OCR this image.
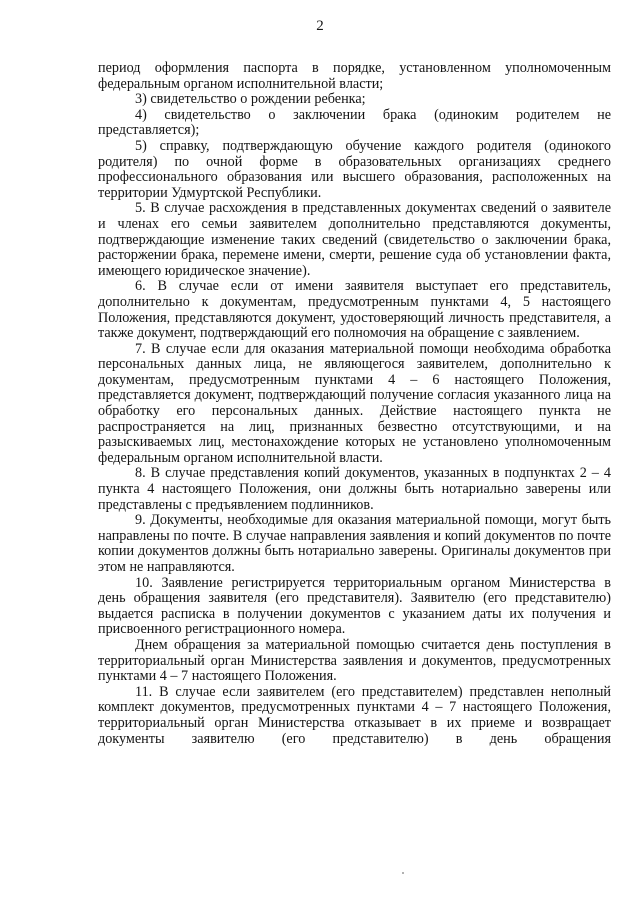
2

период оформления паспорта в порядке, установленном уполномоченным федеральным органом исполнительной власти;

3) свидетельство о рождении ребенка;

4) свидетельство о заключении брака (одиноким родителем не представляется);

5) справку, подтверждающую обучение каждого родителя (одинокого родителя) по очной форме в образовательных организациях среднего профессионального образования или высшего образования, расположенных на территории Удмуртской Республики.

5. В случае расхождения в представленных документах сведений о заявителе и членах его семьи заявителем дополнительно представляются документы, подтверждающие изменение таких сведений (свидетельство о заключении брака, расторжении брака, перемене имени, смерти, решение суда об установлении факта, имеющего юридическое значение).

6. В случае если от имени заявителя выступает его представитель, дополнительно к документам, предусмотренным пунктами 4, 5 настоящего Положения, представляются документ, удостоверяющий личность представителя, а также документ, подтверждающий его полномочия на обращение с заявлением.

7. В случае если для оказания материальной помощи необходима обработка персональных данных лица, не являющегося заявителем, дополнительно к документам, предусмотренным пунктами 4 – 6 настоящего Положения, представляется документ, подтверждающий получение согласия указанного лица на обработку его персональных данных. Действие настоящего пункта не распространяется на лиц, признанных безвестно отсутствующими, и на разыскиваемых лиц, местонахождение которых не установлено уполномоченным федеральным органом исполнительной власти.

8. В случае представления копий документов, указанных в подпунктах 2 – 4 пункта 4 настоящего Положения, они должны быть нотариально заверены или представлены с предъявлением подлинников.

9. Документы, необходимые для оказания материальной помощи, могут быть направлены по почте. В случае направления заявления и копий документов по почте копии документов должны быть нотариально заверены. Оригиналы документов при этом не направляются.

10. Заявление регистрируется территориальным органом Министерства в день обращения заявителя (его представителя). Заявителю (его представителю) выдается расписка в получении документов с указанием даты их получения и присвоенного регистрационного номера.

Днем обращения за материальной помощью считается день поступления в территориальный орган Министерства заявления и документов, предусмотренных пунктами 4 – 7 настоящего Положения.

11. В случае если заявителем (его представителем) представлен неполный комплект документов, предусмотренных пунктами 4 – 7 настоящего Положения, территориальный орган Министерства отказывает в их приеме и возвращает документы заявителю (его представителю) в день обращения
